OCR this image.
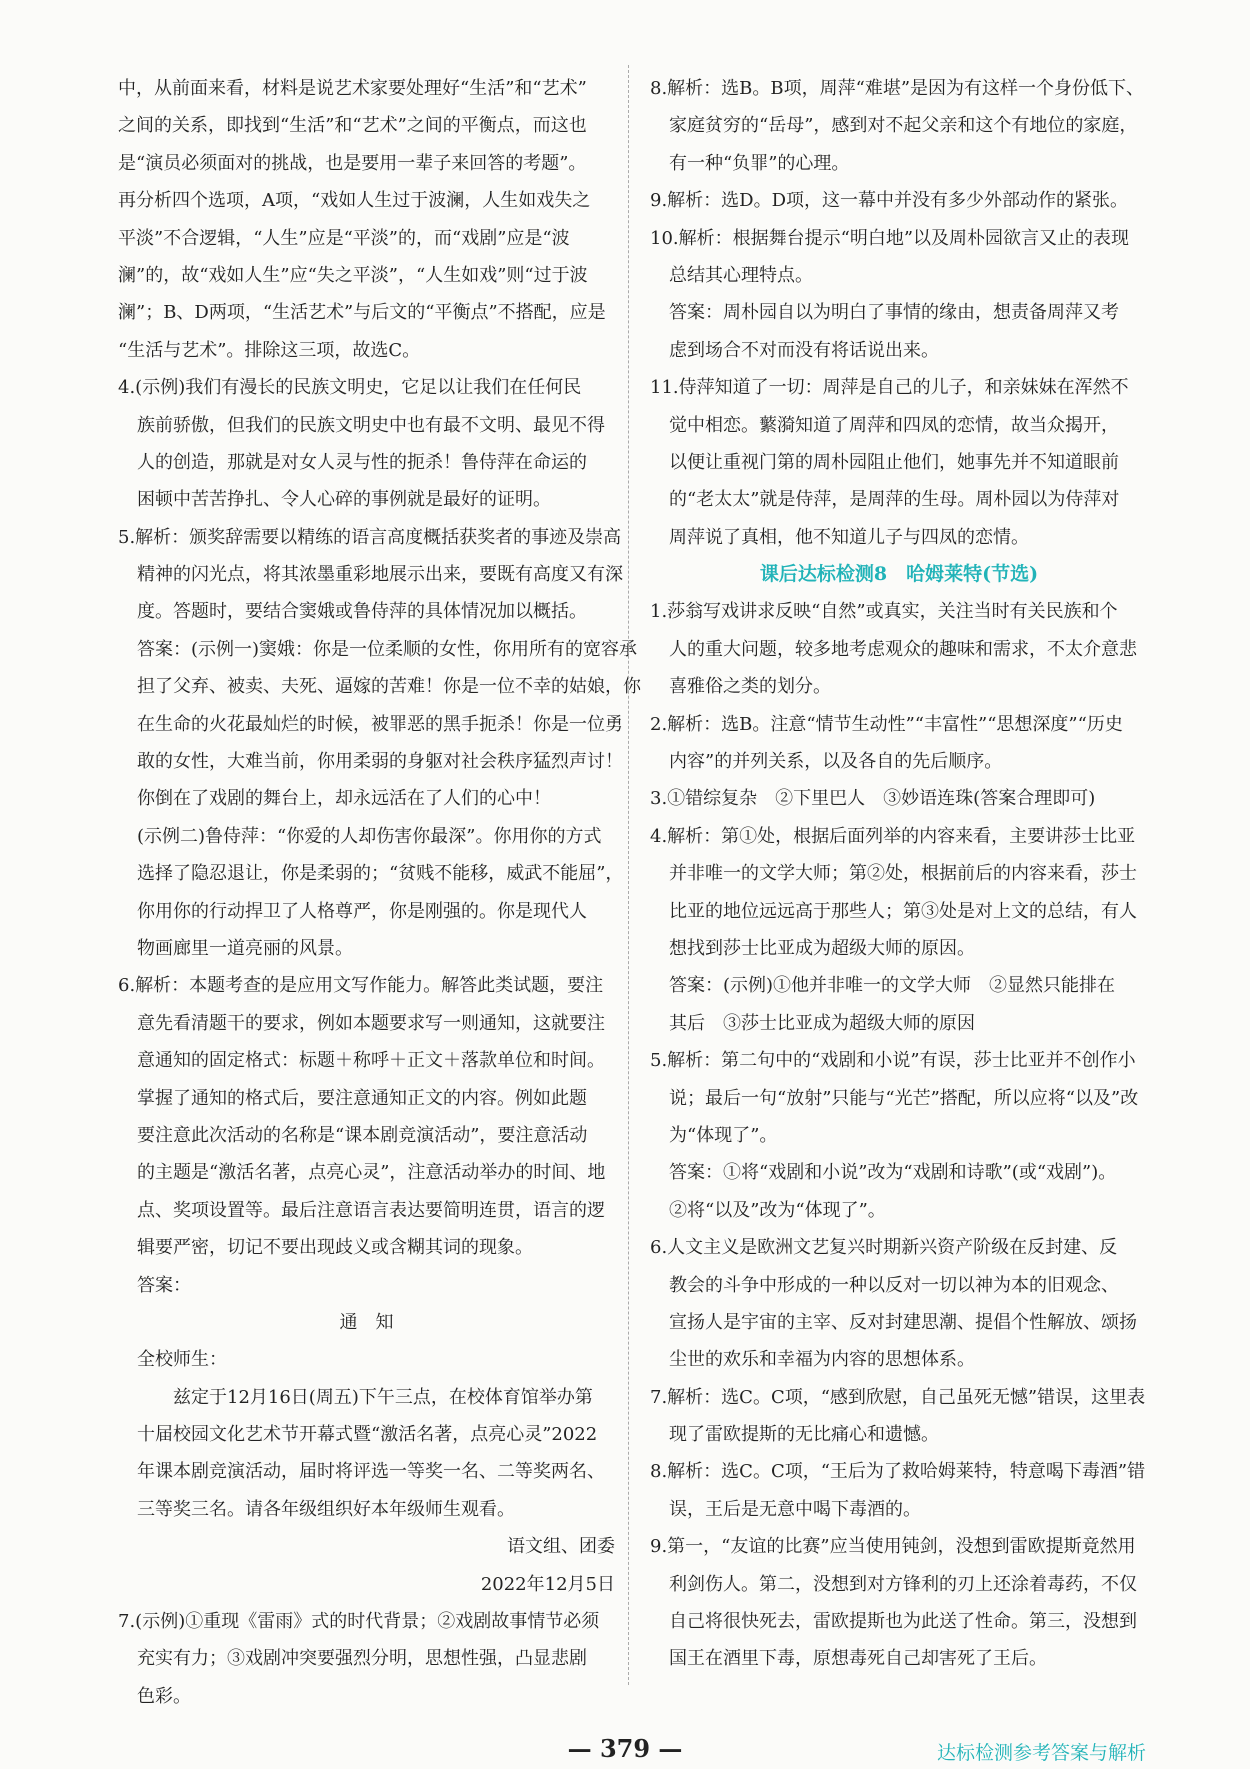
中，从前面来看，材料是说艺术家要处理好“生活”和“艺术”
之间的关系，即找到“生活”和“艺术”之间的平衡点，而这也
是“演员必须面对的挑战，也是要用一辈子来回答的考题”。
再分析四个选项，A项，“戏如人生过于波澜，人生如戏失之
平淡”不合逻辑，“人生”应是“平淡”的，而“戏剧”应是“波
澜”的，故“戏如人生”应“失之平淡”，“人生如戏”则“过于波
澜”；B、D两项，“生活艺术”与后文的“平衡点”不搭配，应是
“生活与艺术”。排除这三项，故选C。
4.(示例)我们有漫长的民族文明史，它足以让我们在任何民
族前骄傲，但我们的民族文明史中也有最不文明、最见不得
人的创造，那就是对女人灵与性的扼杀！鲁侍萍在命运的
困顿中苦苦挣扎、令人心碎的事例就是最好的证明。
5.解析：颁奖辞需要以精练的语言高度概括获奖者的事迹及崇高
精神的闪光点，将其浓墨重彩地展示出来，要既有高度又有深
度。答题时，要结合窦娥或鲁侍萍的具体情况加以概括。
答案：(示例一)窦娥：你是一位柔顺的女性，你用所有的宽容承
担了父弃、被卖、夫死、逼嫁的苦难！你是一位不幸的姑娘，你
在生命的火花最灿烂的时候，被罪恶的黑手扼杀！你是一位勇
敢的女性，大难当前，你用柔弱的身躯对社会秩序猛烈声讨！
你倒在了戏剧的舞台上，却永远活在了人们的心中！
(示例二)鲁侍萍：“你爱的人却伤害你最深”。你用你的方式
选择了隐忍退让，你是柔弱的；“贫贱不能移，威武不能屈”，
你用你的行动捍卫了人格尊严，你是刚强的。你是现代人
物画廊里一道亮丽的风景。
6.解析：本题考查的是应用文写作能力。解答此类试题，要注
意先看清题干的要求，例如本题要求写一则通知，这就要注
意通知的固定格式：标题＋称呼＋正文＋落款单位和时间。
掌握了通知的格式后，要注意通知正文的内容。例如此题
要注意此次活动的名称是“课本剧竞演活动”，要注意活动
的主题是“激活名著，点亮心灵”，注意活动举办的时间、地
点、奖项设置等。最后注意语言表达要简明连贯，语言的逻
辑要严密，切记不要出现歧义或含糊其词的现象。
答案：
通　知
全校师生：
　　兹定于12月16日(周五)下午三点，在校体育馆举办第
十届校园文化艺术节开幕式暨“激活名著，点亮心灵”2022
年课本剧竞演活动，届时将评选一等奖一名、二等奖两名、
三等奖三名。请各年级组织好本年级师生观看。
语文组、团委
2022年12月5日
7.(示例)①重现《雷雨》式的时代背景；②戏剧故事情节必须
充实有力；③戏剧冲突要强烈分明，思想性强，凸显悲剧
色彩。
8.解析：选B。B项，周萍“难堪”是因为有这样一个身份低下、
家庭贫穷的“岳母”，感到对不起父亲和这个有地位的家庭，
有一种“负罪”的心理。
9.解析：选D。D项，这一幕中并没有多少外部动作的紧张。
10.解析：根据舞台提示“明白地”以及周朴园欲言又止的表现
总结其心理特点。
答案：周朴园自以为明白了事情的缘由，想责备周萍又考
虑到场合不对而没有将话说出来。
11.侍萍知道了一切：周萍是自己的儿子，和亲妹妹在浑然不
觉中相恋。蘩漪知道了周萍和四凤的恋情，故当众揭开，
以便让重视门第的周朴园阻止他们，她事先并不知道眼前
的“老太太”就是侍萍，是周萍的生母。周朴园以为侍萍对
周萍说了真相，他不知道儿子与四凤的恋情。
课后达标检测8　哈姆莱特(节选)
1.莎翁写戏讲求反映“自然”或真实，关注当时有关民族和个
人的重大问题，较多地考虑观众的趣味和需求，不太介意悲
喜雅俗之类的划分。
2.解析：选B。注意“情节生动性”“丰富性”“思想深度”“历史
内容”的并列关系，以及各自的先后顺序。
3.①错综复杂　②下里巴人　③妙语连珠(答案合理即可)
4.解析：第①处，根据后面列举的内容来看，主要讲莎士比亚
并非唯一的文学大师；第②处，根据前后的内容来看，莎士
比亚的地位远远高于那些人；第③处是对上文的总结，有人
想找到莎士比亚成为超级大师的原因。
答案：(示例)①他并非唯一的文学大师　②显然只能排在
其后　③莎士比亚成为超级大师的原因
5.解析：第二句中的“戏剧和小说”有误，莎士比亚并不创作小
说；最后一句“放射”只能与“光芒”搭配，所以应将“以及”改
为“体现了”。
答案：①将“戏剧和小说”改为“戏剧和诗歌”(或“戏剧”)。
②将“以及”改为“体现了”。
6.人文主义是欧洲文艺复兴时期新兴资产阶级在反封建、反
教会的斗争中形成的一种以反对一切以神为本的旧观念、
宣扬人是宇宙的主宰、反对封建思潮、提倡个性解放、颂扬
尘世的欢乐和幸福为内容的思想体系。
7.解析：选C。C项，“感到欣慰，自己虽死无憾”错误，这里表
现了雷欧提斯的无比痛心和遗憾。
8.解析：选C。C项，“王后为了救哈姆莱特，特意喝下毒酒”错
误，王后是无意中喝下毒酒的。
9.第一，“友谊的比赛”应当使用钝剑，没想到雷欧提斯竟然用
利剑伤人。第二，没想到对方锋利的刃上还涂着毒药，不仅
自己将很快死去，雷欧提斯也为此送了性命。第三，没想到
国王在酒里下毒，原想毒死自己却害死了王后。
— 379 —	达标检测参考答案与解析
